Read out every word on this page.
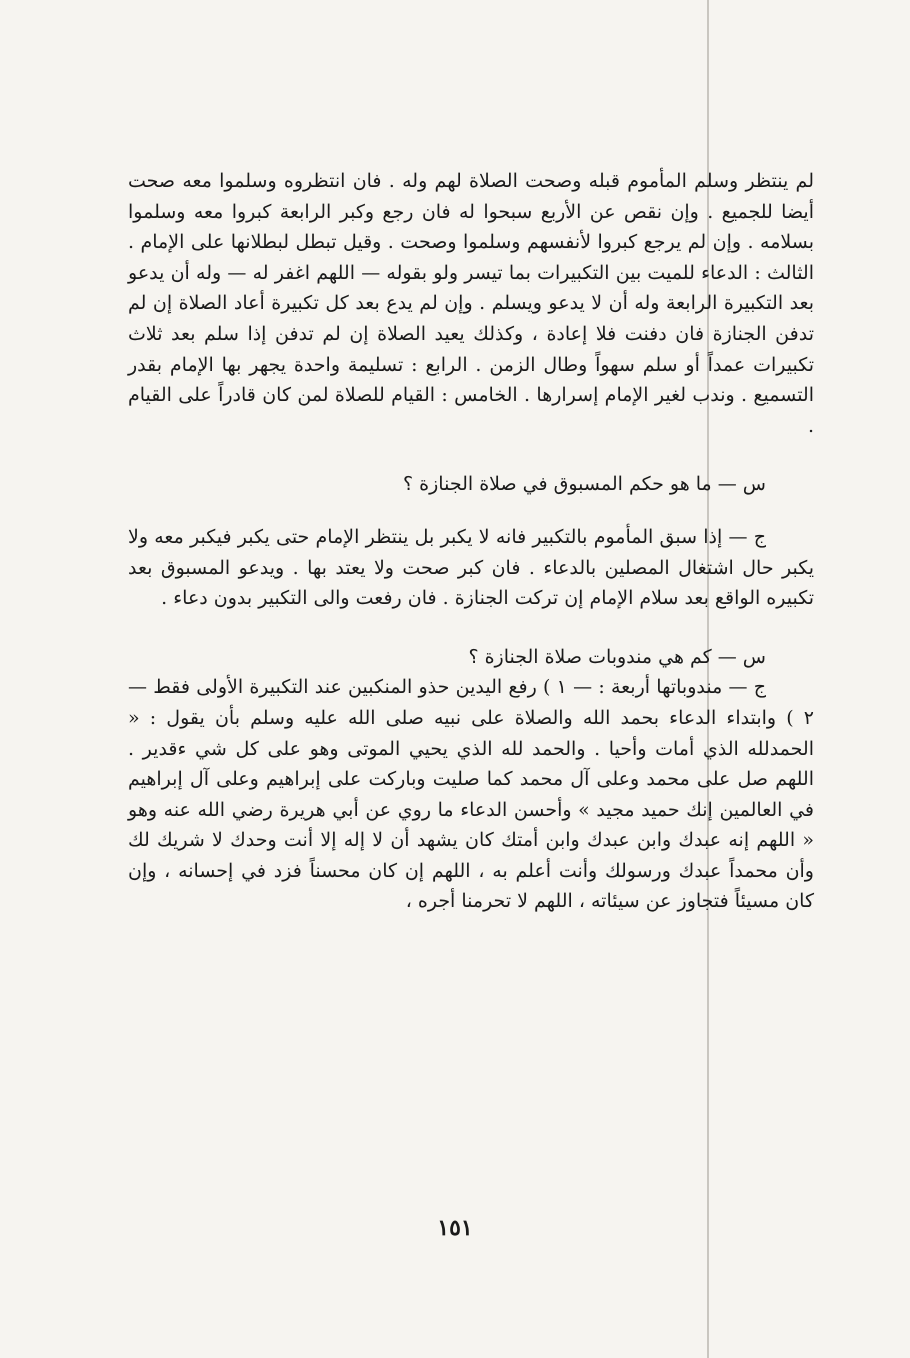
لم ينتظر وسلم المأموم قبله وصحت الصلاة لهم وله . فان انتظروه وسلموا معه صحت أيضا للجميع . وإن نقص عن الأربع سبحوا له فان رجع وكبر الرابعة كبروا معه وسلموا بسلامه . وإن لم يرجع كبروا لأنفسهم وسلموا وصحت . وقيل تبطل لبطلانها على الإمام . الثالث : الدعاء للميت بين التكبيرات بما تيسر ولو بقوله — اللهم اغفر له — وله أن يدعو بعد التكبيرة الرابعة وله أن لا يدعو ويسلم . وإن لم يدع بعد كل تكبيرة أعاد الصلاة إن لم تدفن الجنازة فان دفنت فلا إعادة ، وكذلك يعيد الصلاة إن لم تدفن إذا سلم بعد ثلاث تكبيرات عمداً أو سلم سهواً وطال الزمن . الرابع : تسليمة واحدة يجهر بها الإمام بقدر التسميع . وندب لغير الإمام إسرارها . الخامس : القيام للصلاة لمن كان قادراً على القيام .

س — ما هو حكم المسبوق في صلاة الجنازة ؟

ج — إذا سبق المأموم بالتكبير فانه لا يكبر بل ينتظر الإمام حتى يكبر فيكبر معه ولا يكبر حال اشتغال المصلين بالدعاء . فان كبر صحت ولا يعتد بها . ويدعو المسبوق بعد تكبيره الواقع بعد سلام الإمام إن تركت الجنازة . فان رفعت والى التكبير بدون دعاء .

س — كم هي مندوبات صلاة الجنازة ؟

ج — مندوباتها أربعة : — ١ ) رفع اليدين حذو المنكبين عند التكبيرة الأولى فقط — ٢ ) وابتداء الدعاء بحمد الله والصلاة على نبيه صلى الله عليه وسلم بأن يقول : « الحمدلله الذي أمات وأحيا . والحمد لله الذي يحيي الموتى وهو على كل شي ءقدير . اللهم صل على محمد وعلى آل محمد كما صليت وباركت على إبراهيم وعلى آل إبراهيم في العالمين إنك حميد مجيد » وأحسن الدعاء ما روي عن أبي هريرة رضي الله عنه وهو « اللهم إنه عبدك وابن عبدك وابن أمتك كان يشهد أن لا إله إلا أنت وحدك لا شريك لك وأن محمداً عبدك ورسولك وأنت أعلم به ، اللهم إن كان محسناً فزد في إحسانه ، وإن كان مسيئاً فتجاوز عن سيئاته ، اللهم لا تحرمنا أجره ،

١٥١
